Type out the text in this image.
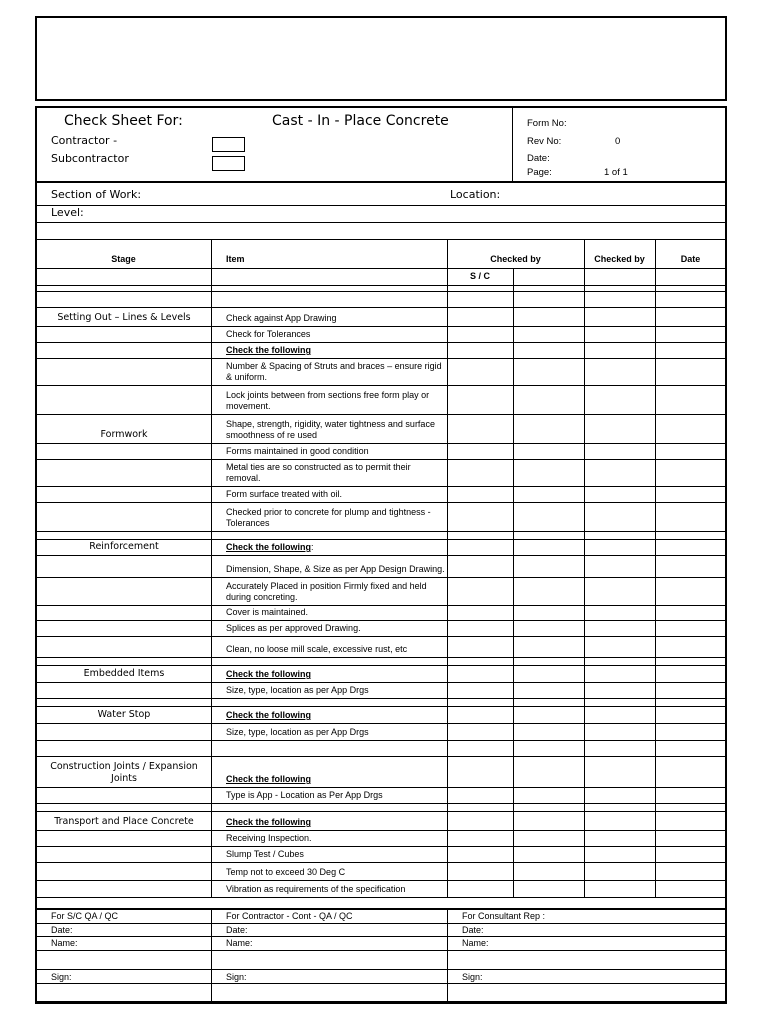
Check Sheet For:	Cast - In - Place Concrete
Contractor -
Subcontractor
Form No:
Rev No:	0
Date:
Page:	1 of 1
Section of Work:	Location:
Level:
Stage	Item	Checked by	Checked by	Date
S / C

Setting Out – Lines & Levels	Check against App Drawing				
	Check for Tolerances				
	Check the following				
	Number & Spacing of Struts and braces – ensure rigid & uniform.				
	Lock joints between from sections free form play or movement.				
Formwork	Shape, strength, rigidity, water tightness and surface smoothness of re used				
	Forms maintained in good condition				
	Metal ties are so constructed as to permit their removal.				
	Form surface treated with oil.				
	Checked prior to concrete for plump and tightness - Tolerances				

Reinforcement	Check the following:				
	Dimension, Shape, & Size as per App Design Drawing.				
	Accurately Placed in position Firmly fixed and held during concreting.				
	Cover is maintained.				
	Splices as per approved Drawing.				
	Clean, no loose mill scale, excessive rust, etc				

Embedded Items	Check the following				
	Size, type, location as per App Drgs				

Water Stop	Check the following				
	Size, type, location as per App Drgs				

Construction Joints / Expansion Joints	Check the following				
	Type is App - Location as Per App Drgs				

Transport and Place Concrete	Check the following				
	Receiving Inspection.				
	Slump Test / Cubes				
	Temp not to exceed 30 Deg C				
	Vibration as requirements of the specification				
For S/C QA / QC	For Contractor - Cont - QA / QC	For Consultant Rep :
Date:	Date:	Date:
Name:	Name:	Name:

Sign:	Sign:	Sign:
